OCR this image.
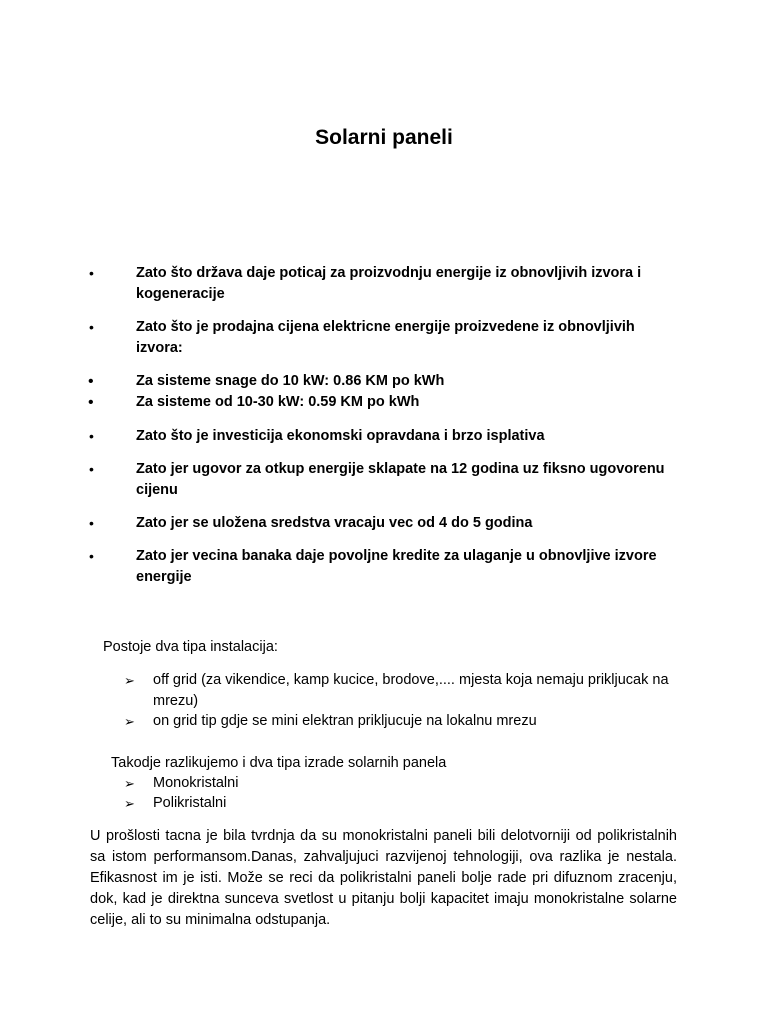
Solarni paneli
•	Zato što država daje poticaj za proizvodnju energije iz obnovljivih izvora i kogeneracije
•	Zato što je prodajna cijena elektricne energije proizvedene iz obnovljivih izvora:
•	Za sisteme snage do 10 kW: 0.86 KM po kWh
•	Za sisteme od 10-30 kW: 0.59 KM po kWh
•	Zato što je investicija ekonomski opravdana i brzo isplativa
•	Zato jer ugovor za otkup energije sklapate na 12 godina uz fiksno ugovorenu cijenu
•	Zato jer se uložena sredstva vracaju vec od 4 do 5 godina
•	Zato jer vecina banaka daje povoljne kredite za ulaganje u obnovljive izvore energije
Postoje dva tipa instalacija:
➢ off grid (za vikendice, kamp kucice, brodove,.... mjesta koja nemaju prikljucak na mrezu)
➢ on grid tip gdje se mini elektran prikljucuje na lokalnu mrezu
Takodje razlikujemo i dva tipa izrade solarnih panela
➢ Monokristalni
➢ Polikristalni
U prošlosti tacna je bila tvrdnja da su monokristalni paneli bili delotvorniji od polikristalnih sa istom performansom.Danas, zahvaljujuci razvijenoj tehnologiji, ova razlika je nestala. Efikasnost im je isti. Može se reci da polikristalni paneli bolje rade pri difuznom zracenju, dok, kad je direktna sunceva svetlost u pitanju bolji kapacitet imaju monokristalne solarne celije, ali to su minimalna odstupanja.
